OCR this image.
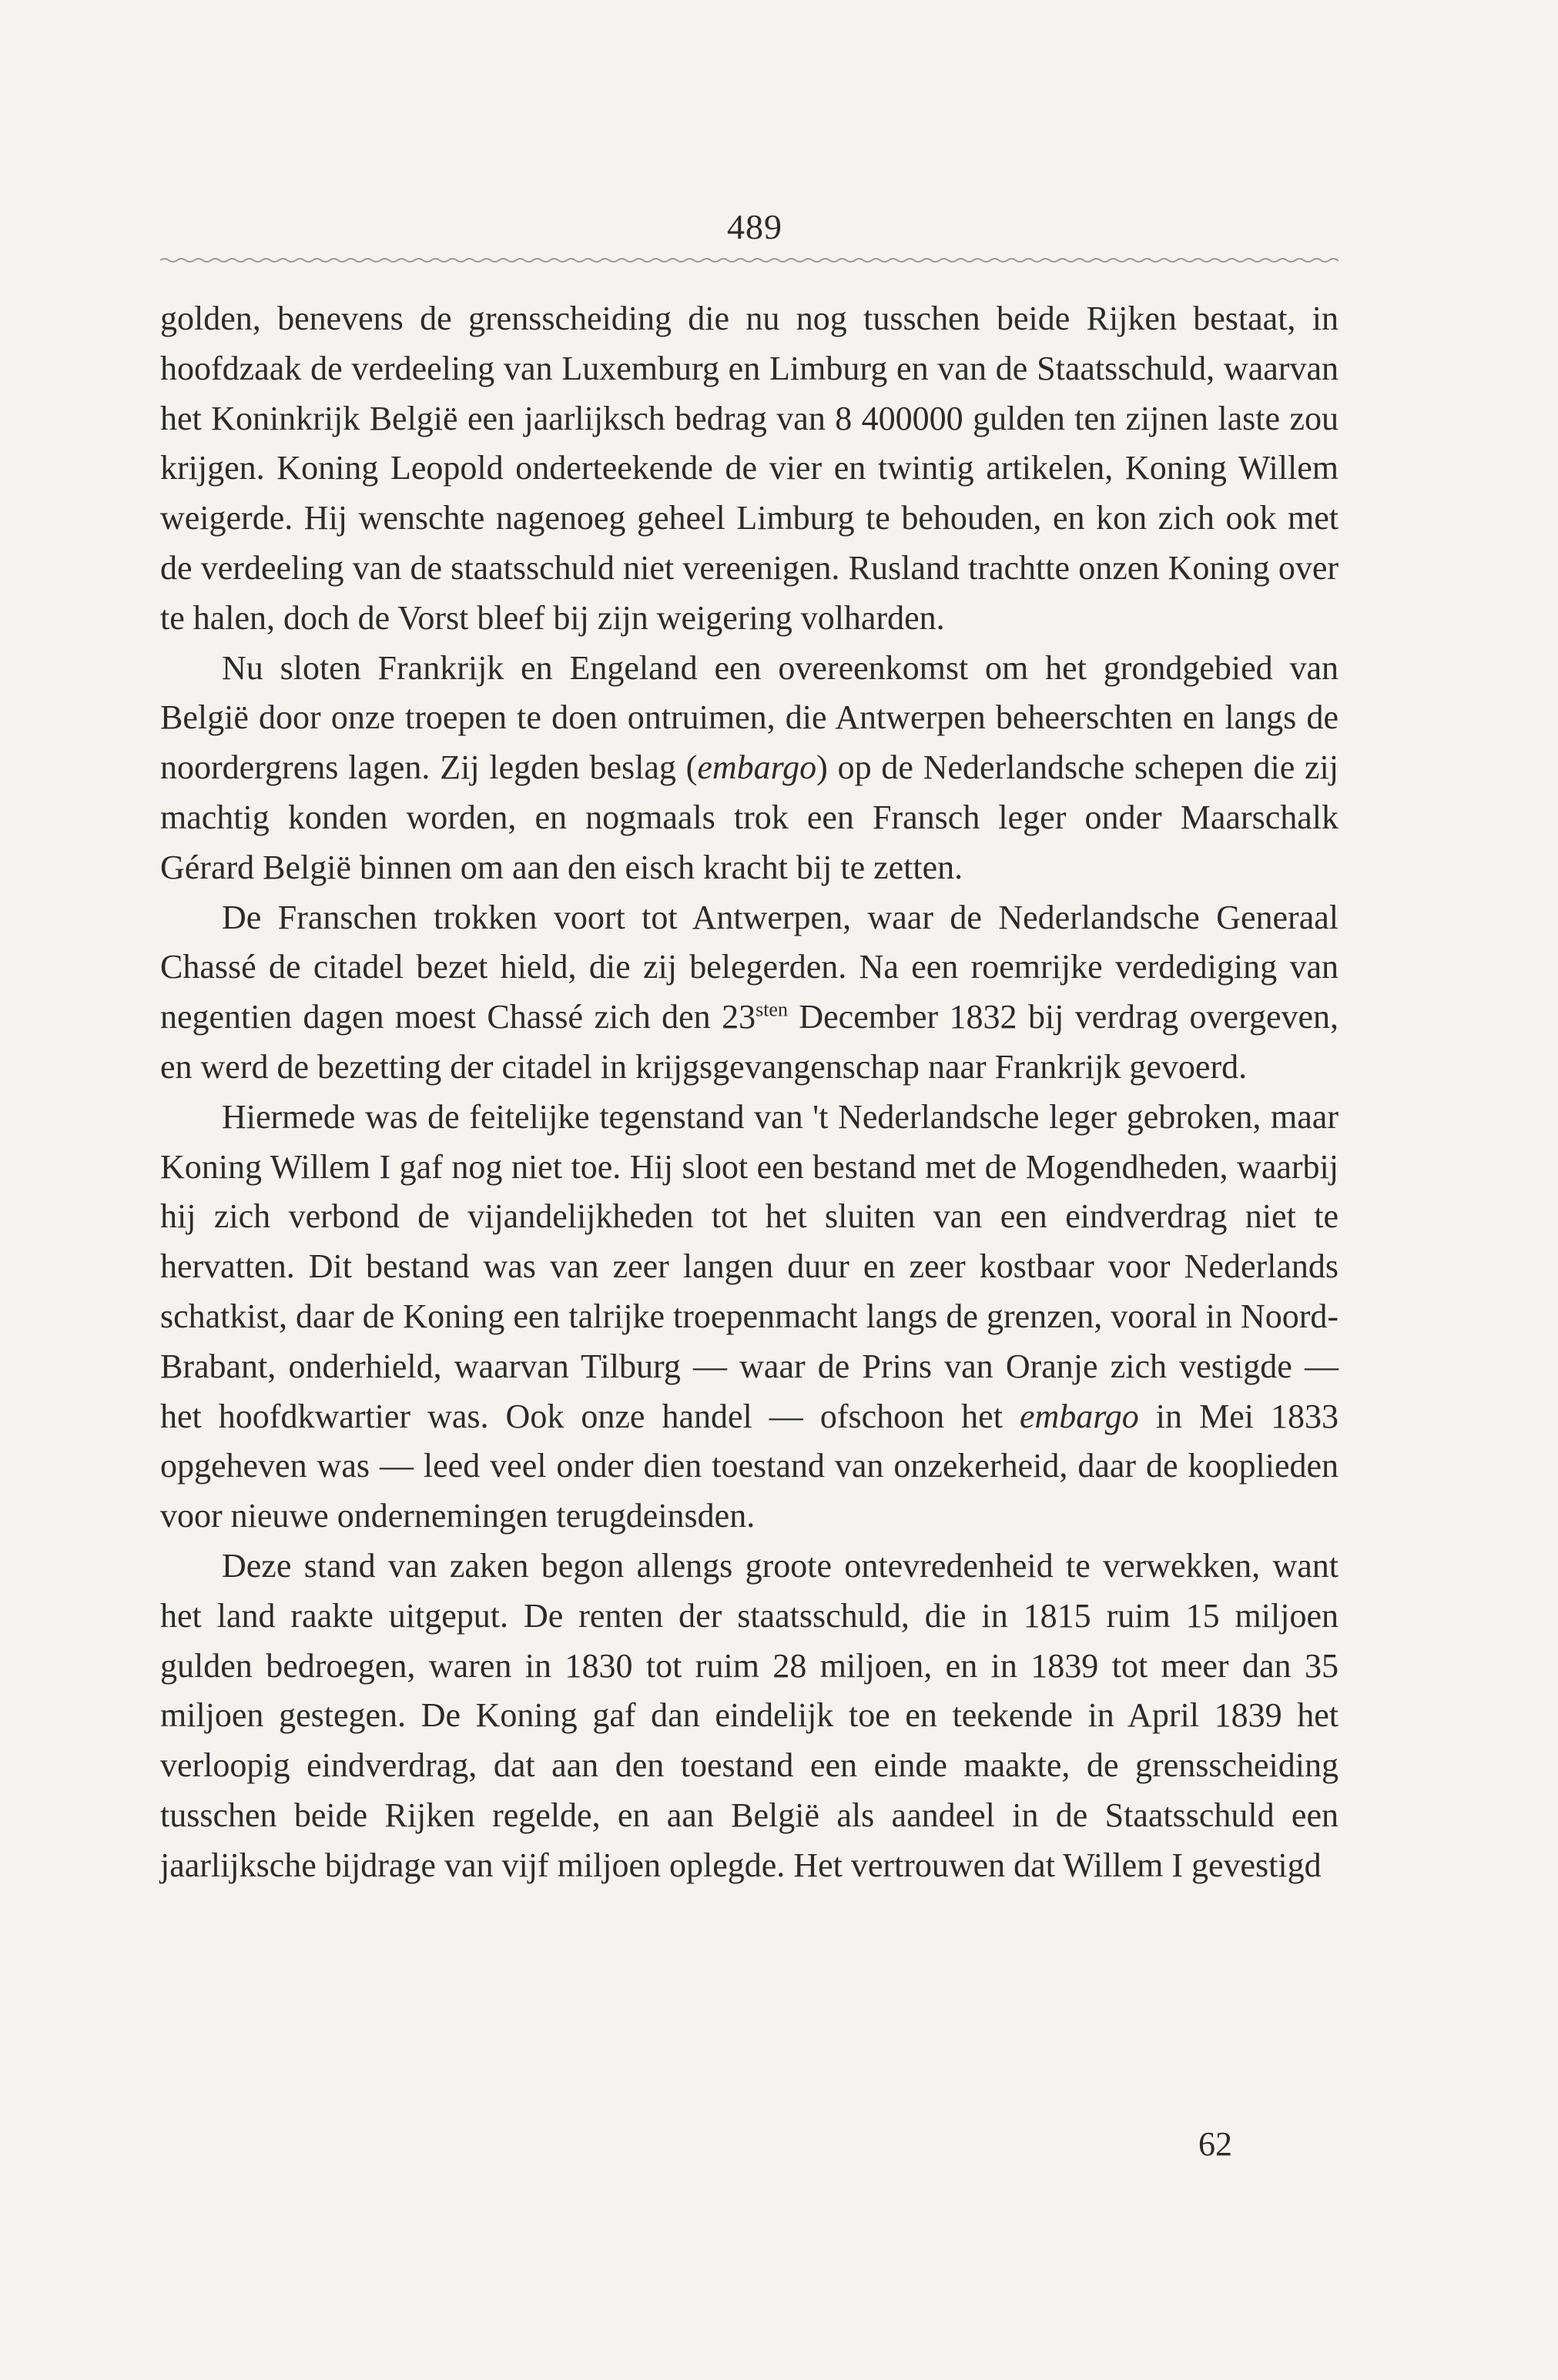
489

golden, benevens de grensscheiding die nu nog tusschen beide Rijken bestaat, in hoofdzaak de verdeeling van Luxemburg en Limburg en van de Staatsschuld, waarvan het Koninkrijk België een jaarlijksch bedrag van 8 400000 gulden ten zijnen laste zou krijgen. Koning Leopold onderteekende de vier en twintig artikelen, Koning Willem weigerde. Hij wenschte nagenoeg geheel Limburg te behouden, en kon zich ook met de verdeeling van de staatsschuld niet vereenigen. Rusland trachtte onzen Koning over te halen, doch de Vorst bleef bij zijn weigering volharden.

Nu sloten Frankrijk en Engeland een overeenkomst om het grondgebied van België door onze troepen te doen ontruimen, die Antwerpen beheerschten en langs de noordergrens lagen. Zij legden beslag (embargo) op de Nederlandsche schepen die zij machtig konden worden, en nogmaals trok een Fransch leger onder Maarschalk Gérard België binnen om aan den eisch kracht bij te zetten.

De Franschen trokken voort tot Antwerpen, waar de Nederlandsche Generaal Chassé de citadel bezet hield, die zij belegerden. Na een roemrijke verdediging van negentien dagen moest Chassé zich den $23^{sten}$ December 1832 bij verdrag overgeven, en werd de bezetting der citadel in krijgsgevangenschap naar Frankrijk gevoerd.

Hiermede was de feitelijke tegenstand van 't Nederlandsche leger gebroken, maar Koning Willem I gaf nog niet toe. Hij sloot een bestand met de Mogendheden, waarbij hij zich verbond de vijandelijkheden tot het sluiten van een eindverdrag niet te hervatten. Dit bestand was van zeer langen duur en zeer kostbaar voor Nederlands schatkist, daar de Koning een talrijke troepenmacht langs de grenzen, vooral in Noord-Brabant, onderhield, waarvan Tilburg — waar de Prins van Oranje zich vestigde — het hoofdkwartier was. Ook onze handel — ofschoon het embargo in Mei 1833 opgeheven was — leed veel onder dien toestand van onzekerheid, daar de kooplieden voor nieuwe ondernemingen terugdeinsden.

Deze stand van zaken begon allengs groote ontevredenheid te verwekken, want het land raakte uitgeput. De renten der staatsschuld, die in 1815 ruim 15 miljoen gulden bedroegen, waren in 1830 tot ruim 28 miljoen, en in 1839 tot meer dan 35 miljoen gestegen. De Koning gaf dan eindelijk toe en teekende in April 1839 het verloopig eindverdrag, dat aan den toestand een einde maakte, de grensscheiding tusschen beide Rijken regelde, en aan België als aandeel in de Staatsschuld een jaarlijksche bijdrage van vijf miljoen oplegde. Het vertrouwen dat Willem I gevestigd

62
